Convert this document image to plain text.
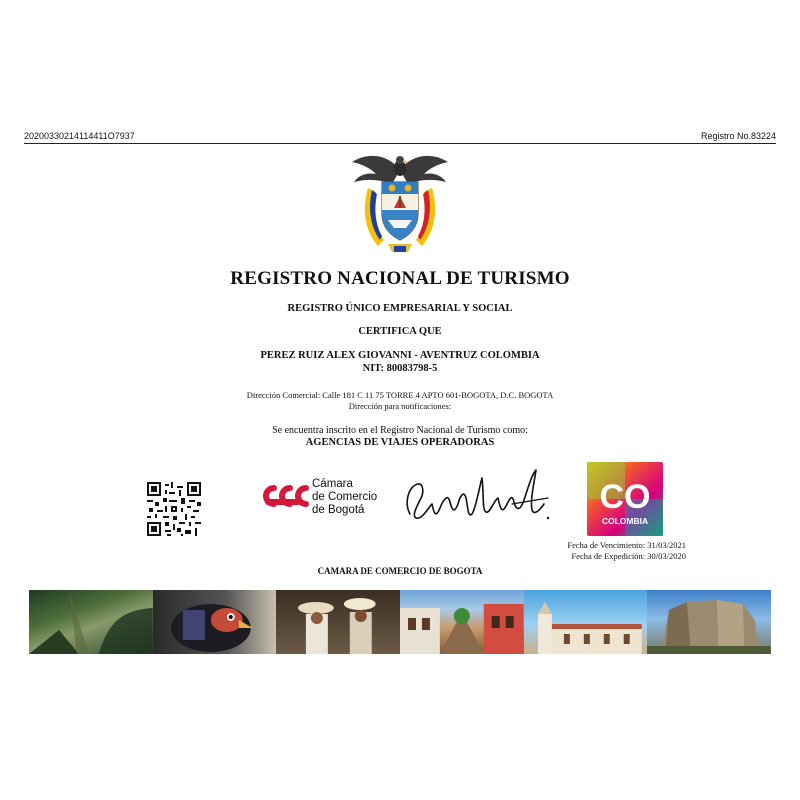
20200330214114411O7937	Registro No.83224
REGISTRO NACIONAL DE TURISMO
REGISTRO ÚNICO EMPRESARIAL Y SOCIAL
CERTIFICA QUE
PEREZ RUIZ ALEX GIOVANNI - AVENTRUZ COLOMBIA
NIT: 80083798-5
Dirección Comercial: Calle 181 C 11 75 TORRE 4 APTO 601-BOGOTA, D.C. BOGOTA
Dirección para notificaciones:
Se encuentra inscrito en el Registro Nacional de Turismo como:
AGENCIAS DE VIAJES OPERADORAS
Cámara
de Comercio
de Bogotá	CO
COLOMBIA
Fecha de Vencimiento: 31/03/2021
Fecha de Expedición: 30/03/2020
CAMARA DE COMERCIO DE BOGOTA
